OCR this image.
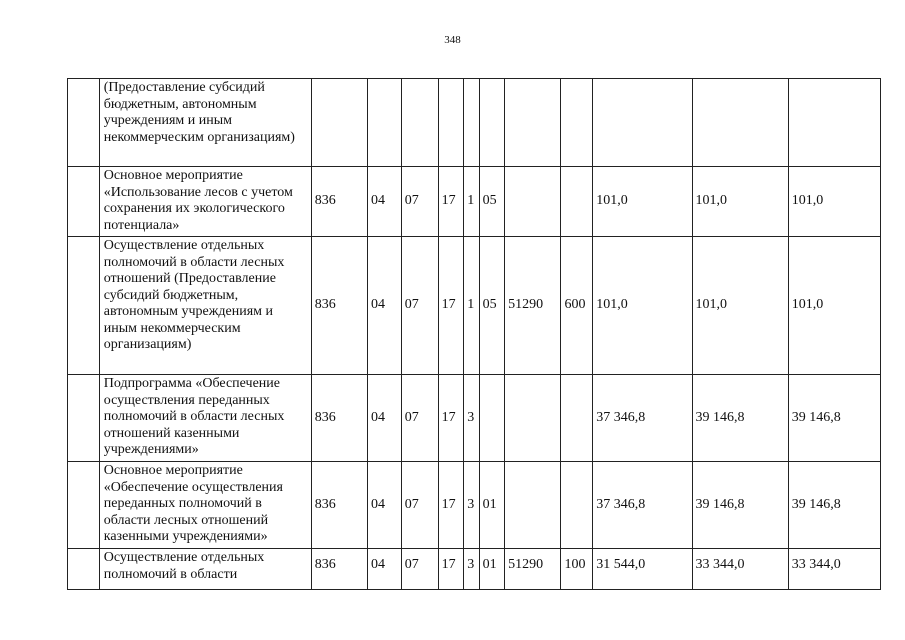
348
	(Предоставление субсидий бюджетным, автономным учреждениям и иным некоммерческим организациям)											
	Основное мероприятие «Использование лесов с учетом сохранения их экологического потенциала»	836	04	07	17	1	05			101,0	101,0	101,0
	Осуществление отдельных полномочий в области лесных отношений (Предоставление субсидий бюджетным, автономным учреждениям и иным некоммерческим организациям)	836	04	07	17	1	05	51290	600	101,0	101,0	101,0
	Подпрограмма «Обеспечение осуществления переданных полномочий в области лесных отношений казенными учреждениями»	836	04	07	17	3				37 346,8	39 146,8	39 146,8
	Основное мероприятие «Обеспечение осуществления переданных полномочий в области лесных отношений казенными учреждениями»	836	04	07	17	3	01			37 346,8	39 146,8	39 146,8
	Осуществление отдельных полномочий в области	836	04	07	17	3	01	51290	100	31 544,0	33 344,0	33 344,0
